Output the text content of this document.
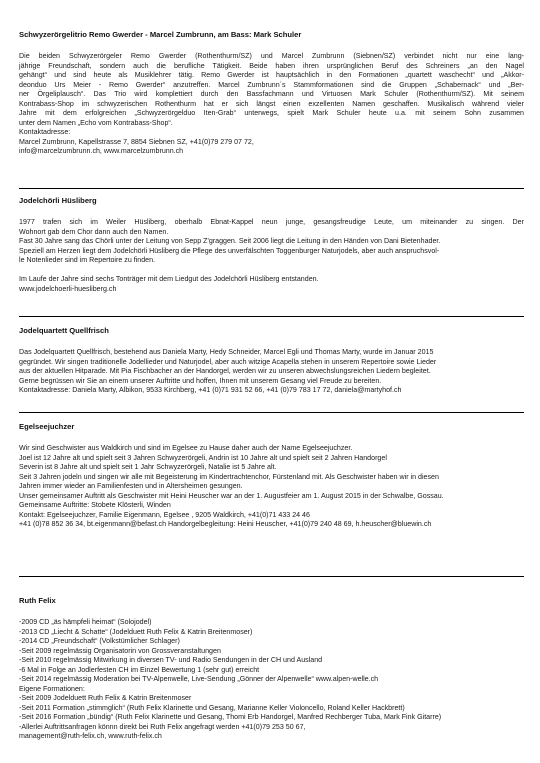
Schwyzerörgelitrio Remo Gwerder - Marcel Zumbrunn, am Bass: Mark Schuler
Die beiden Schwyzerörgeler Remo Gwerder (Rothenthurm/SZ) und Marcel Zumbrunn (Siebnen/SZ) verbindet nicht nur eine lang-
jährige Freundschaft, sondern auch die berufliche Tätigkeit. Beide haben ihren ursprünglichen Beruf des Schreiners „an den Nagel
gehängt“ und sind heute als Musiklehrer tätig. Remo Gwerder ist hauptsächlich in den Formationen „quartett waschecht“ und „Akkor-
deonduo Urs Meier - Remo Gwerder“ anzutreffen. Marcel Zumbrunn´s Stammformationen sind die Gruppen „Schabernack“ und „Ber-
ner Örgeliplausch“. Das Trio wird komplettiert durch den Bassfachmann und Virtuosen Mark Schuler (Rothenthurm/SZ). Mit seinem
Kontrabass-Shop im schwyzerischen Rothenthurm hat er sich längst einen exzellenten Namen geschaffen. Musikalisch während vieler
Jahre mit dem erfolgreichen „Schwyzerörgelduo Iten-Grab“ unterwegs, spielt Mark Schuler heute u.a. mit seinem Sohn zusammen
unter dem Namen „Echo vom Kontrabass-Shop“.
Kontaktadresse:
Marcel Zumbrunn, Kapellstrasse 7, 8854 Siebnen SZ, +41(0)79 279 07 72,
info@marcelzumbrunn.ch, www.marcelzumbrunn.ch
Jodelchörli Hüsliberg
1977 trafen sich im Weiler Hüsliberg, oberhalb Ebnat-Kappel neun junge, gesangsfreudige Leute, um miteinander zu singen. Der
Wohnort gab dem Chor dann auch den Namen.
Fast 30 Jahre sang das Chörli unter der Leitung von Sepp Z'graggen. Seit 2006 liegt die Leitung in den Händen von Dani Bietenhader.
Speziell am Herzen liegt dem Jodelchörli Hüsliberg die Pflege des unverfälschten Toggenburger Naturjodels, aber auch anspruchsvol-
le Notenlieder sind im Repertoire zu finden.
Im Laufe der Jahre sind sechs Tonträger mit dem Liedgut des Jodelchörli Hüsliberg entstanden.
www.jodelchoerli-huesliberg.ch
Jodelquartett Quellfrisch
Das Jodelquartett Quellfrisch, bestehend aus Daniela Marty, Hedy Schneider, Marcel Egli und Thomas Marty, wurde im Januar 2015
gegründet. Wir singen traditionelle Jodellieder und Naturjodel, aber auch witzige Acapella stehen in unserem Repertoire sowie Lieder
aus der aktuellen Hitparade. Mit Pia Fischbacher an der Handorgel, werden wir zu unseren abwechslungsreichen Liedern begleitet.
Gerne begrüssen wir Sie an einem unserer Auftritte und hoffen, Ihnen mit unserem Gesang viel Freude zu bereiten.
Kontaktadresse: Daniela Marty, Albikon, 9533 Kirchberg, +41 (0)71 931 52 66, +41 (0)79 783 17 72, daniela@martyhof.ch
Egelseejuchzer
Wir sind Geschwister aus Waldkirch und sind im Egelsee zu Hause daher auch der Name Egelseejuchzer.
Joel ist 12 Jahre alt und spielt seit 3 Jahren Schwyzerörgeli, Andrin ist 10 Jahre alt und spielt seit 2 Jahren Handorgel
Severin ist 8 Jahre alt und spielt seit 1 Jahr Schwyzerörgeli, Natalie ist 5 Jahre alt.
Seit 3 Jahren jodeln und singen wir alle mit Begeisterung im Kindertrachtenchor, Fürstenland mit. Als Geschwister haben wir in diesen
Jahren immer wieder an Familienfesten und in Altersheimen gesungen.
Unser gemeinsamer Auftritt als Geschwister mit Heini Heuscher war an der 1. Augustfeier am 1. August 2015 in der Schwalbe, Gossau.
Gemeinsame Auftritte: Stobete Klösterli, Winden
Kontakt: Egelseejuchzer, Familie Eigenmann, Egelsee , 9205 Waldkirch, +41(0)71 433 24 46
+41 (0)78 852 36 34, bt.eigenmann@befast.ch Handorgelbegleitung: Heini Heuscher, +41(0)79 240 48 69, h.heuscher@bluewin.ch
Ruth Felix
-2009 CD „äs hämpfeli heimat“ (Solojodel)
-2013 CD „Liecht & Schatte“ (Jodelduett Ruth Felix & Katrin Breitenmoser)
-2014 CD „Freundschaft“ (Volkstümlicher Schlager)
-Seit 2009 regelmässig Organisatorin von Grossveranstaltungen
-Seit 2010 regelmässig Mitwirkung in diversen TV- und Radio Sendungen in der CH und Ausland
-6 Mal in Folge an Jodlerfesten CH im Einzel Bewertung 1 (sehr gut) erreicht
-Seit 2014 regelmässig Moderation bei TV-Alpenwelle, Live-Sendung „Gönner der Alpenwelle“ www.alpen-welle.ch
Eigene Formationen:
-Seit 2009 Jodelduett Ruth Felix & Katrin Breitenmoser
-Seit 2011 Formation „stimmglich“ (Ruth Felix Klarinette und Gesang, Marianne Keller Violoncello, Roland Keller Hackbrett)
-Seit 2016 Formation „bündig“ (Ruth Felix Klarinette und Gesang, Thomi Erb Handorgel, Manfred Rechberger Tuba, Mark Fink Gitarre)
-Allerlei Auftrittsanfragen könnn direkt bei Ruth Felix angefragt werden +41(0)79 253 50 67,
management@ruth-felix.ch, www.ruth-felix.ch
